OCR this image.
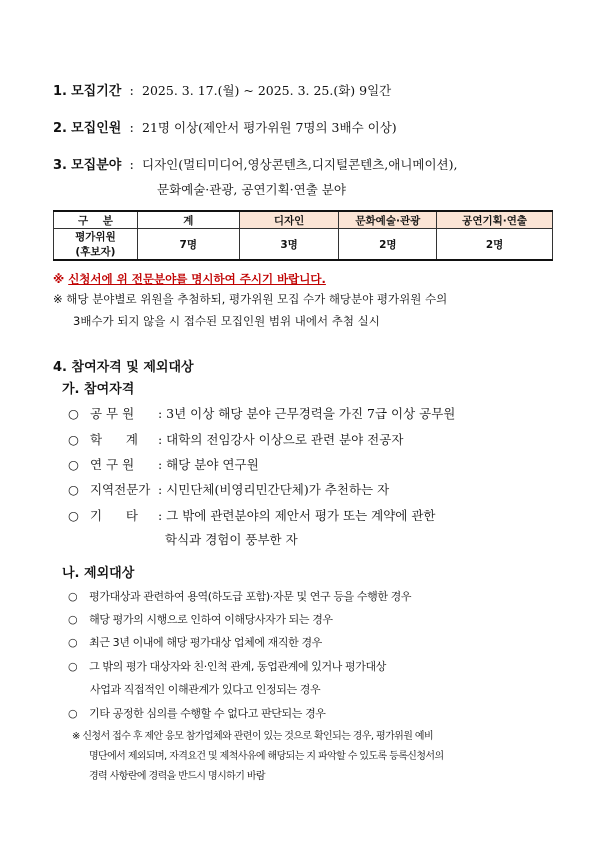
1. 모집기간 : 2025. 3. 17.(월) ~ 2025. 3. 25.(화) 9일간
2. 모집인원 : 21명 이상(제안서 평가위원 7명의 3배수 이상)
3. 모집분야 : 디자인(멀티미디어,영상콘텐츠,디지털콘텐츠,애니메이션),
문화예술·관광, 공연기획·연출 분야
구    분	계	디자인	문화예술·관광	공연기획·연출

평가위원
(후보자)	7명	3명	2명	2명
※ 신청서에 위 전문분야를 명시하여 주시기 바랍니다.
※ 해당 분야별로 위원을 추첨하되, 평가위원 모집 수가 해당분야 평가위원 수의
3배수가 되지 않을 시 접수된 모집인원 범위 내에서 추첨 실시
4. 참여자격 및 제외대상
가. 참여자격
○ 공 무 원 : 3년 이상 해당 분야 근무경력을 가진 7급 이상 공무원
○ 학      계 : 대학의 전임강사 이상으로 관련 분야 전공자
○ 연 구 원 : 해당 분야 연구원
○ 지역전문가 : 시민단체(비영리민간단체)가 추천하는 자
○ 기      타 : 그 밖에 관련분야의 제안서 평가 또는 계약에 관한
학식과 경험이 풍부한 자
나. 제외대상
○ 평가대상과 관련하여 용역(하도급 포함)·자문 및 연구 등을 수행한 경우
○ 해당 평가의 시행으로 인하여 이해당사자가 되는 경우
○ 최근 3년 이내에 해당 평가대상 업체에 재직한 경우
○ 그 밖의 평가 대상자와 친·인척 관계, 동업관계에 있거나 평가대상
사업과 직접적인 이해관계가 있다고 인정되는 경우
○ 기타 공정한 심의를 수행할 수 없다고 판단되는 경우
※ 신청서 접수 후 제안 응모 참가업체와 관련이 있는 것으로 확인되는 경우, 평가위원 예비
명단에서 제외되며, 자격요건 및 제척사유에 해당되는 지 파악할 수 있도록 등록신청서의
경력 사항란에 경력을 반드시 명시하기 바람
